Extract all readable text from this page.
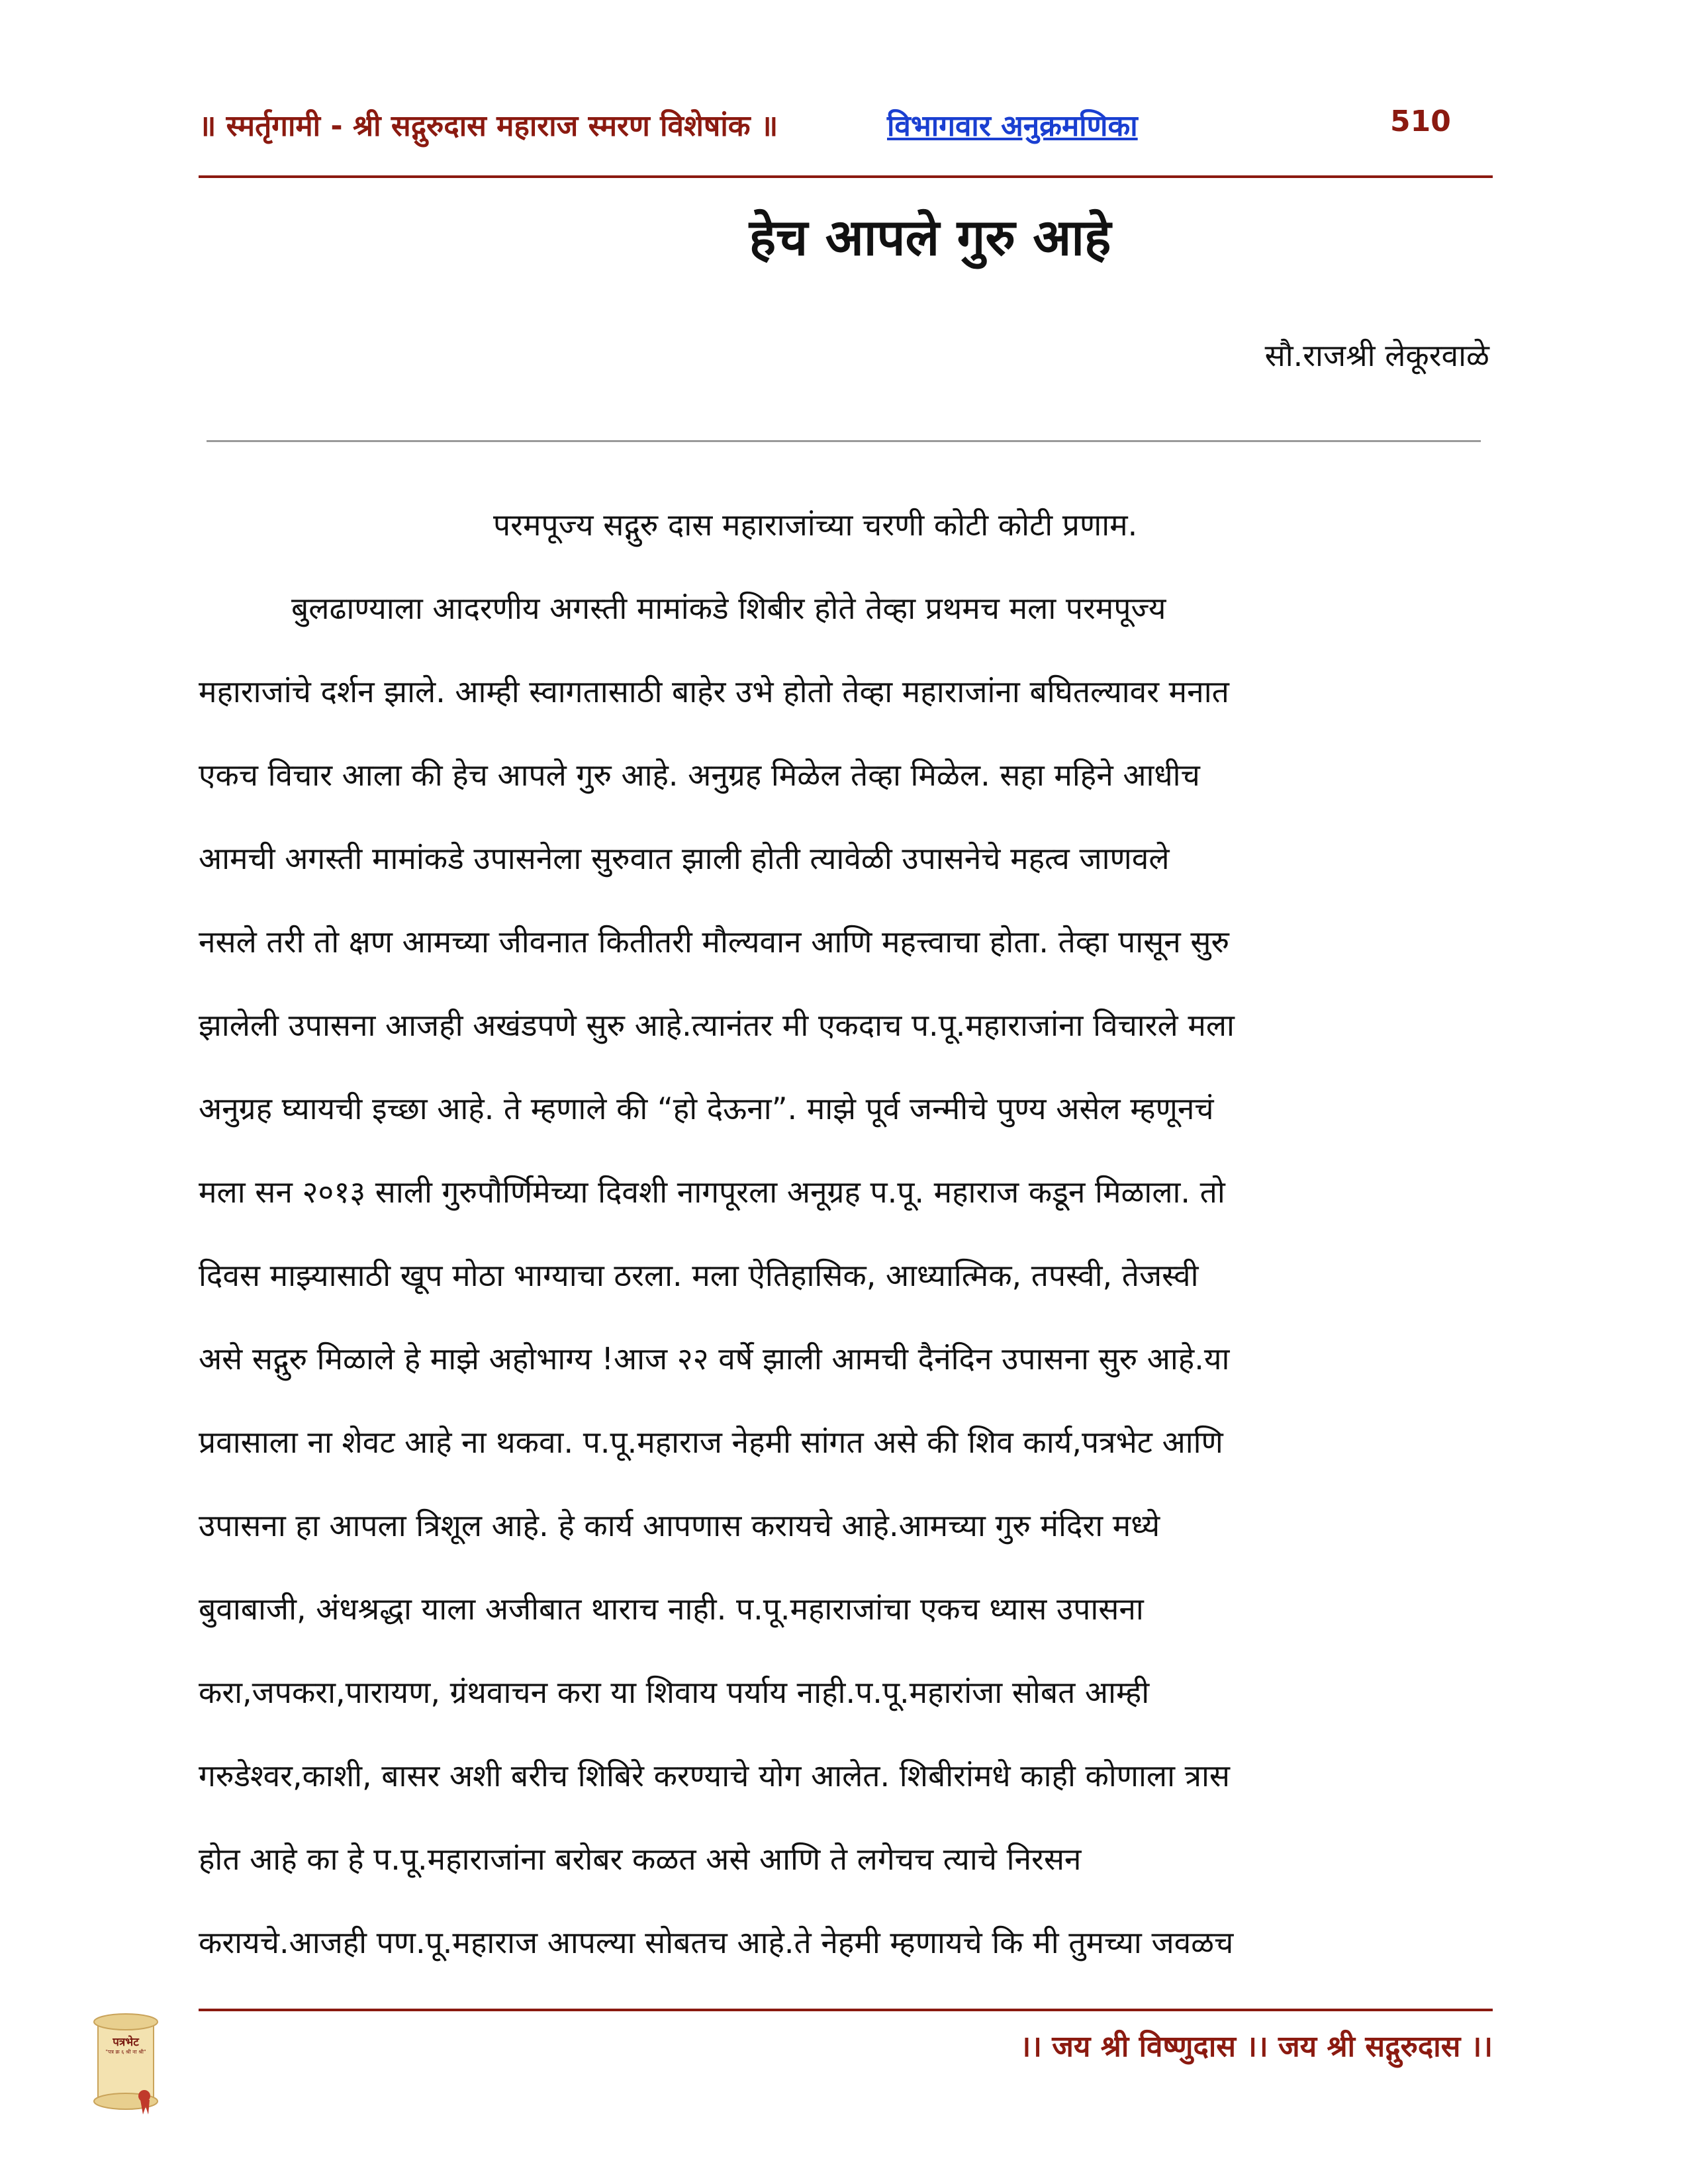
॥ स्मर्तृगामी - श्री सद्गुरुदास महाराज स्मरण विशेषांक ॥	विभागवार अनुक्रमणिका	510
हेच आपले गुरु आहे
सौ.राजश्री लेकूरवाळे
परमपूज्य सद्गुरु दास महाराजांच्या चरणी कोटी कोटी प्रणाम.
बुलढाण्याला आदरणीय अगस्ती मामांकडे शिबीर होते तेव्हा प्रथमच मला परमपूज्य
महाराजांचे दर्शन झाले. आम्ही स्वागतासाठी बाहेर उभे होतो तेव्हा महाराजांना बघितल्यावर मनात
एकच विचार आला की हेच आपले गुरु आहे. अनुग्रह मिळेल तेव्हा मिळेल. सहा महिने आधीच
आमची अगस्ती मामांकडे उपासनेला सुरुवात झाली होती त्यावेळी उपासनेचे महत्व जाणवले
नसले तरी तो क्षण आमच्या जीवनात कितीतरी मौल्यवान आणि महत्त्वाचा होता. तेव्हा पासून सुरु
झालेली उपासना आजही अखंडपणे सुरु आहे.त्यानंतर मी एकदाच प.पू.महाराजांना विचारले मला
अनुग्रह घ्यायची इच्छा आहे. ते म्हणाले की “हो देऊना”. माझे पूर्व जन्मीचे पुण्य असेल म्हणूनचं
मला सन २०१३ साली गुरुपौर्णिमेच्या दिवशी नागपूरला अनूग्रह प.पू. महाराज कडून मिळाला. तो
दिवस माझ्यासाठी खूप मोठा भाग्याचा ठरला. मला ऐतिहासिक, आध्यात्मिक, तपस्वी, तेजस्वी
असे सद्गुरु मिळाले हे माझे अहोभाग्य !आज २२ वर्षे झाली आमची दैनंदिन उपासना सुरु आहे.या
प्रवासाला ना शेवट आहे ना थकवा. प.पू.महाराज नेहमी सांगत असे की शिव कार्य,पत्रभेट आणि
उपासना हा आपला त्रिशूल आहे. हे कार्य आपणास करायचे आहे.आमच्या गुरु मंदिरा मध्ये
बुवाबाजी, अंधश्रद्धा याला अजीबात थाराच नाही. प.पू.महाराजांचा एकच ध्यास उपासना
करा,जपकरा,पारायण, ग्रंथवाचन करा या शिवाय पर्याय नाही.प.पू.महारांजा सोबत आम्ही
गरुडेश्वर,काशी, बासर अशी बरीच शिबिरे करण्याचे योग आलेत. शिबीरांमधे काही कोणाला त्रास
होत आहे का हे प.पू.महाराजांना बरोबर कळत असे आणि ते लगेचच त्याचे निरसन
करायचे.आजही पण.पू.महाराज आपल्या सोबतच आहे.ते नेहमी म्हणायचे कि मी तुमच्या जवळच
।। जय श्री विष्णुदास ।। जय श्री सद्गुरुदास ।।
पत्रभेट
"पत्र क्र ६ श्री ना श्री"
